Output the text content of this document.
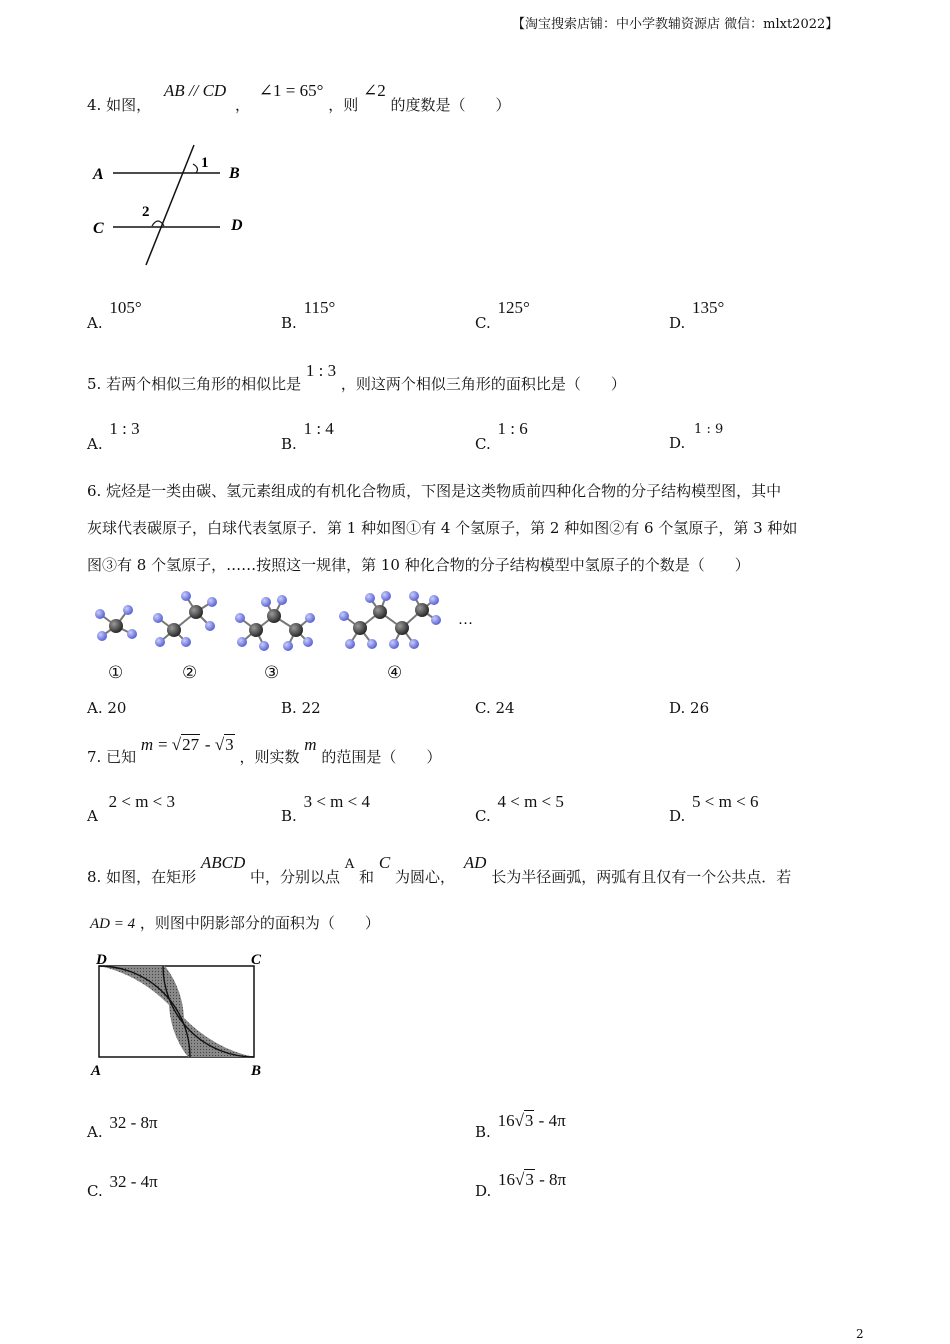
【淘宝搜索店铺：中小学教辅资源店 微信：mlxt2022】
4. 如图， AB // CD ， ∠1 = 65° ，则 ∠2 的度数是（　　）
A	B
C	D
1
2
A. 105°
B. 115°
C. 125°
D. 135°
5. 若两个相似三角形的相似比是 1 : 3 ，则这两个相似三角形的面积比是（　　）
A. 1 : 3
B. 1 : 4
C. 1 : 6
D. 1 : 9
6. 烷烃是一类由碳、氢元素组成的有机化合物质，下图是这类物质前四种化合物的分子结构模型图，其中
灰球代表碳原子，白球代表氢原子．第 1 种如图①有 4 个氢原子，第 2 种如图②有 6 个氢原子，第 3 种如
图③有 8 个氢原子，……按照这一规律，第 10 种化合物的分子结构模型中氢原子的个数是（　　）
…
①	②	③	④
A. 20	B. 22	C. 24	D. 26
7. 已知 m = √27 - √3 ，则实数 m 的范围是（　　）
A 2 < m < 3
B. 3 < m < 4
C. 4 < m < 5
D. 5 < m < 6
8. 如图，在矩形 ABCD 中，分别以点 A 和 C 为圆心， AD 长为半径画弧，两弧有且仅有一个公共点．若
AD = 4 ，则图中阴影部分的面积为（　　）
D	C
A	B
A. 32 - 8π	B. 16√3 - 4π
C. 32 - 4π	D. 16√3 - 8π
2
